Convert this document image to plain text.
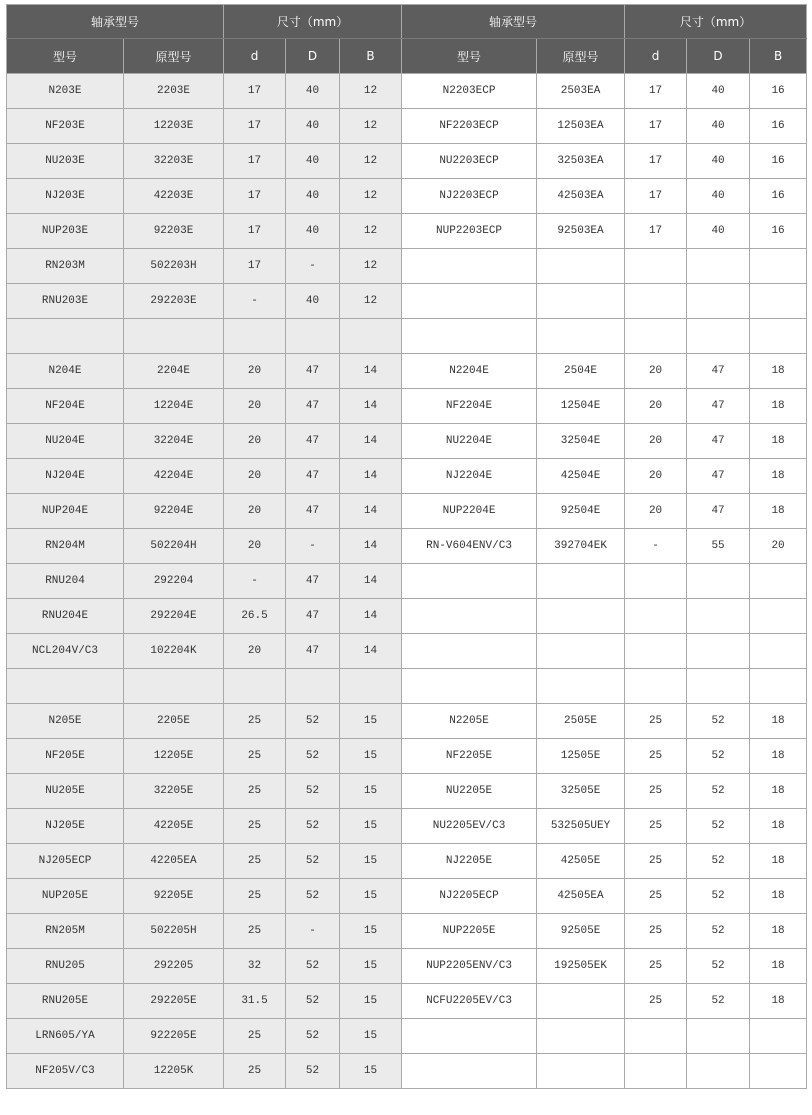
轴承型号		尺寸（mm）			轴承型号		尺寸（mm）		
型号	原型号	d	D	B	型号	原型号	d	D	B
N203E	2203E	17	40	12	N2203ECP	2503EA	17	40	16
NF203E	12203E	17	40	12	NF2203ECP	12503EA	17	40	16
NU203E	32203E	17	40	12	NU2203ECP	32503EA	17	40	16
NJ203E	42203E	17	40	12	NJ2203ECP	42503EA	17	40	16
NUP203E	92203E	17	40	12	NUP2203ECP	92503EA	17	40	16
RN203M	502203H	17	-	12					
RNU203E	292203E	-	40	12					

N204E	2204E	20	47	14	N2204E	2504E	20	47	18
NF204E	12204E	20	47	14	NF2204E	12504E	20	47	18
NU204E	32204E	20	47	14	NU2204E	32504E	20	47	18
NJ204E	42204E	20	47	14	NJ2204E	42504E	20	47	18
NUP204E	92204E	20	47	14	NUP2204E	92504E	20	47	18
RN204M	502204H	20	-	14	RN-V604ENV/C3	392704EK	-	55	20
RNU204	292204	-	47	14					
RNU204E	292204E	26.5	47	14					
NCL204V/C3	102204K	20	47	14					

N205E	2205E	25	52	15	N2205E	2505E	25	52	18
NF205E	12205E	25	52	15	NF2205E	12505E	25	52	18
NU205E	32205E	25	52	15	NU2205E	32505E	25	52	18
NJ205E	42205E	25	52	15	NU2205EV/C3	532505UEY	25	52	18
NJ205ECP	42205EA	25	52	15	NJ2205E	42505E	25	52	18
NUP205E	92205E	25	52	15	NJ2205ECP	42505EA	25	52	18
RN205M	502205H	25	-	15	NUP2205E	92505E	25	52	18
RNU205	292205	32	52	15	NUP2205ENV/C3	192505EK	25	52	18
RNU205E	292205E	31.5	52	15	NCFU2205EV/C3		25	52	18
LRN605/YA	922205E	25	52	15					
NF205V/C3	12205K	25	52	15					
